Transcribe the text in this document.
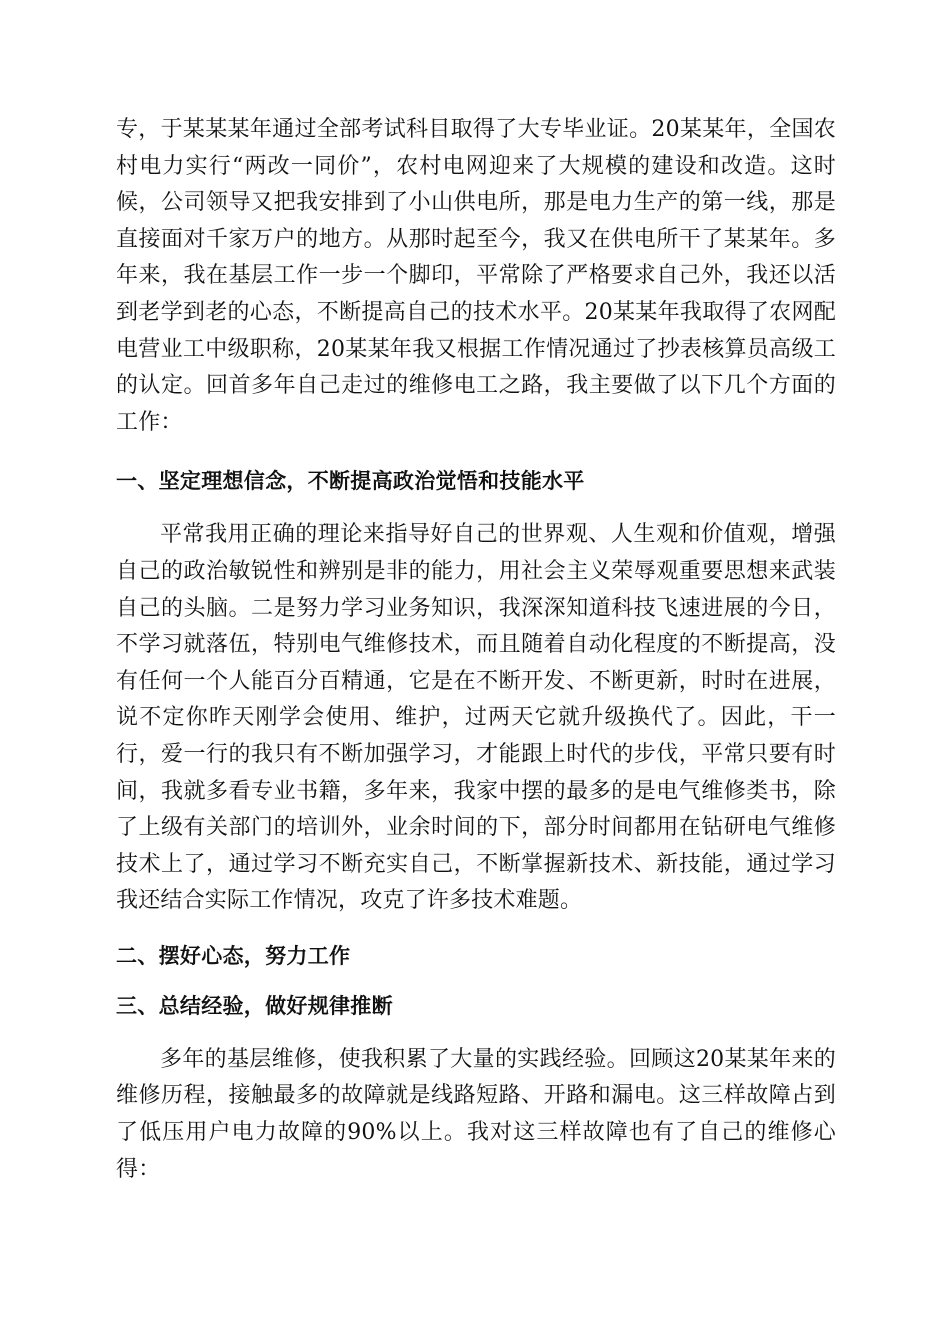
专，于某某某年通过全部考试科目取得了大专毕业证。20某某年，全国农村电力实行“两改一同价”，农村电网迎来了大规模的建设和改造。这时候，公司领导又把我安排到了小山供电所，那是电力生产的第一线，那是直接面对千家万户的地方。从那时起至今，我又在供电所干了某某年。多年来，我在基层工作一步一个脚印，平常除了严格要求自己外，我还以活到老学到老的心态，不断提高自己的技术水平。20某某年我取得了农网配电营业工中级职称，20某某年我又根据工作情况通过了抄表核算员高级工的认定。回首多年自己走过的维修电工之路，我主要做了以下几个方面的工作：

一、坚定理想信念，不断提高政治觉悟和技能水平

平常我用正确的理论来指导好自己的世界观、人生观和价值观，增强自己的政治敏锐性和辨别是非的能力，用社会主义荣辱观重要思想来武装自己的头脑。二是努力学习业务知识，我深深知道科技飞速进展的今日，不学习就落伍，特别电气维修技术，而且随着自动化程度的不断提高，没有任何一个人能百分百精通，它是在不断开发、不断更新，时时在进展，说不定你昨天刚学会使用、维护，过两天它就升级换代了。因此，干一行，爱一行的我只有不断加强学习，才能跟上时代的步伐，平常只要有时间，我就多看专业书籍，多年来，我家中摆的最多的是电气维修类书，除了上级有关部门的培训外，业余时间的下，部分时间都用在钻研电气维修技术上了，通过学习不断充实自己，不断掌握新技术、新技能，通过学习我还结合实际工作情况，攻克了许多技术难题。

二、摆好心态，努力工作

三、总结经验，做好规律推断

多年的基层维修，使我积累了大量的实践经验。回顾这20某某年来的维修历程，接触最多的故障就是线路短路、开路和漏电。这三样故障占到了低压用户电力故障的90%以上。我对这三样故障也有了自己的维修心得：
